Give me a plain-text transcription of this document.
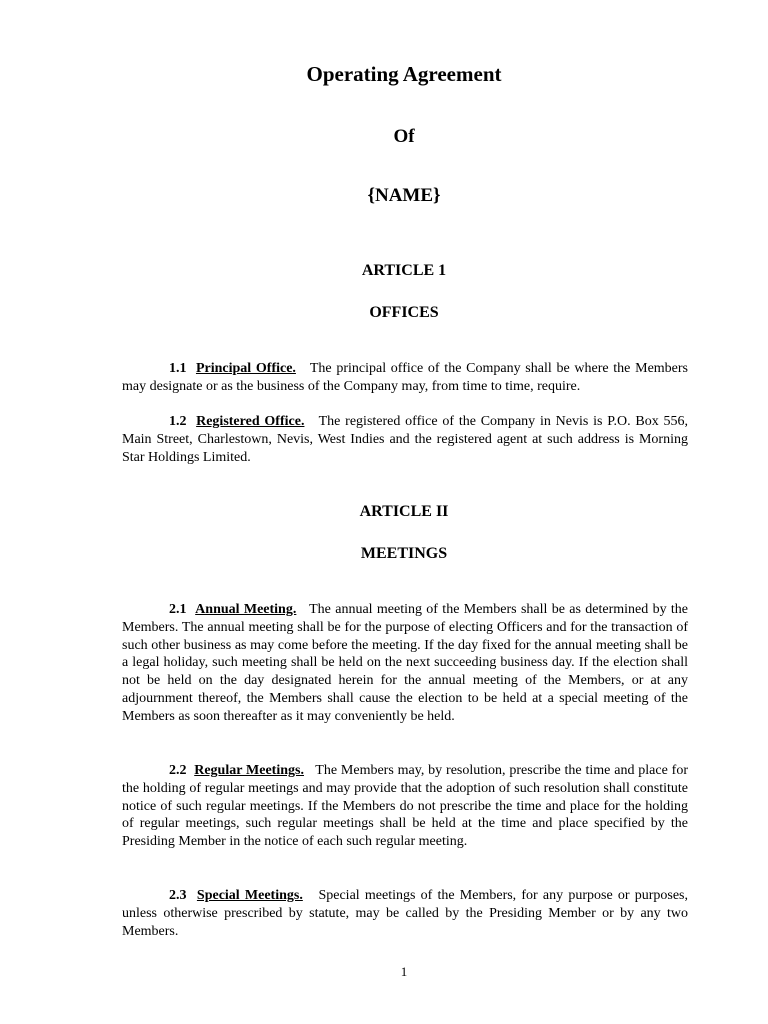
Operating Agreement
Of
{NAME}
ARTICLE 1
OFFICES

1.1 Principal Office. The principal office of the Company shall be where the Members may designate or as the business of the Company may, from time to time, require.

1.2 Registered Office. The registered office of the Company in Nevis is P.O. Box 556, Main Street, Charlestown, Nevis, West Indies and the registered agent at such address is Morning Star Holdings Limited.

ARTICLE II
MEETINGS

2.1 Annual Meeting. The annual meeting of the Members shall be as determined by the Members. The annual meeting shall be for the purpose of electing Officers and for the transaction of such other business as may come before the meeting. If the day fixed for the annual meeting shall be a legal holiday, such meeting shall be held on the next succeeding business day. If the election shall not be held on the day designated herein for the annual meeting of the Members, or at any adjournment thereof, the Members shall cause the election to be held at a special meeting of the Members as soon thereafter as it may conveniently be held.

2.2 Regular Meetings. The Members may, by resolution, prescribe the time and place for the holding of regular meetings and may provide that the adoption of such resolution shall constitute notice of such regular meetings. If the Members do not prescribe the time and place for the holding of regular meetings, such regular meetings shall be held at the time and place specified by the Presiding Member in the notice of each such regular meeting.

2.3 Special Meetings. Special meetings of the Members, for any purpose or purposes, unless otherwise prescribed by statute, may be called by the Presiding Member or by any two Members.

1
